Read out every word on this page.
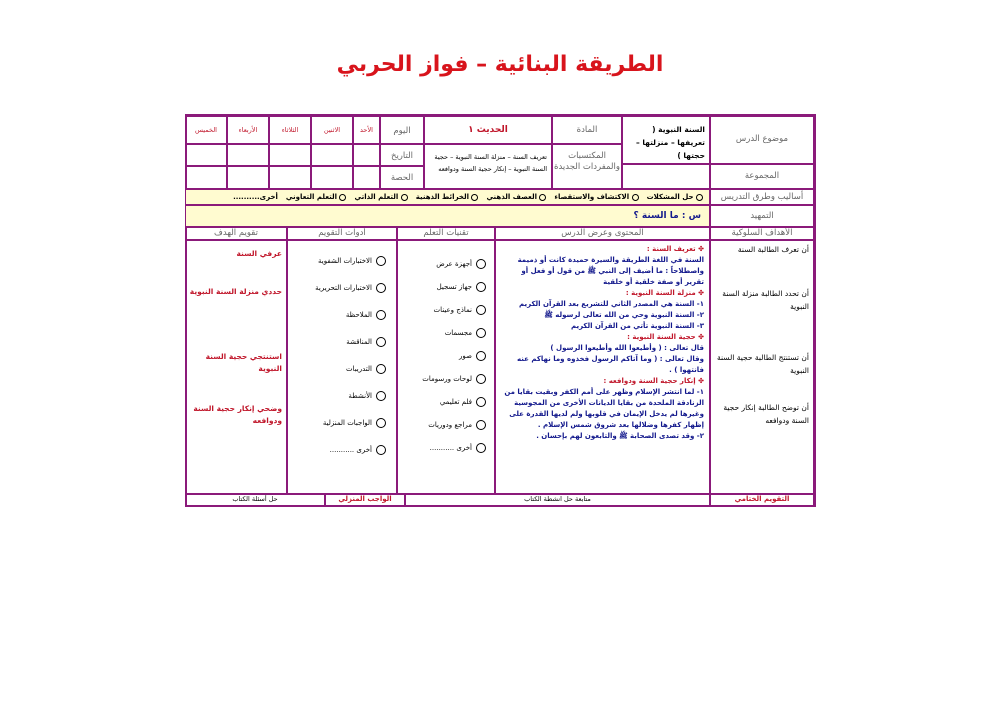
الطريقة البنائية – فواز الحربي
موضوع الدرس
المجموعة
السنة النبوية ( تعريفها – منزلتها – حجتها )
المادة
المكتسبات والمفردات الجديدة
الحديث ١
تعريف السنة – منزلة السنة النبوية – حجية السنة النبوية – إنكار حجية السنة ودوافعه
اليوم
التاريخ
الحصة
الأحد
الاثنين
الثلاثاء
الأربعاء
الخميس
أساليب وطرق التدريس
حل المشكلات
الاكتشاف والاستقصاء
العصف الذهني
الخرائط الذهنية
التعلم الذاتي
التعلم التعاوني
أخرى..........
التمهيد
س : ما السنة ؟
الأهداف السلوكية
المحتوى وعرض الدرس
تقنيات التعلم
أدوات التقويم
تقويم الهدف
أن تعرف الطالبة السنة
أن تحدد الطالبة منزلة السنة النبوية
أن تستنتج الطالبة حجية السنة النبوية
أن توضح الطالبة إنكار حجية السنة ودوافعه
✤ تعريف السنة :
السنة في اللغة الطريقة والسيرة حميدة كانت أو ذميمة واصطلاحاً : ما أضيف إلى النبي ﷺ من قول أو فعل أو تقرير أو صفة خلقية أو خلقية
✤ منزلة السنة النبوية :
١- السنة هي المصدر الثاني للتشريع بعد القرآن الكريم
٢- السنة النبوية وحي من الله تعالى لرسوله ﷺ
٣- السنة النبوية تأتي من القرآن الكريم
✤ حجية السنة النبوية :
قال تعالى : ( وأطيعوا الله وأطيعوا الرسول )
وقال تعالى : ( وما آتاكم الرسول فخذوه وما نهاكم عنه فانتهوا ) .
✤ إنكار حجية السنة ودوافعه :
١- لما انتشر الإسلام وظهر على أمم الكفر وبقيت بقايا من الزنادقة الملحدة من بقايا الديانات الأخرى من المجوسية وغيرها لم يدخل الإيمان في قلوبها ولم لديها القدرة على إظهار كفرها وضلالها بعد شروق شمس الإسلام .
٢- وقد تصدى الصحابة ﷺ والتابعون لهم بإحسان .
أجهزة عرض
جهاز تسجيل
نماذج وعينات
مجسمات
صور
لوحات ورسومات
فلم تعليمي
مراجع ودوريات
أخرى ...........
الاختبارات الشفوية
الاختبارات التحريرية
الملاحظة
المناقشة
التدريبات
الأنشطة
الواجبات المنزلية
أخرى ...........
عرفي السنة
حددي منزلة السنة النبوية
استنتجي حجية السنة النبوية
وضحي إنكار حجية السنة ودوافعه
التقويم الختامي
متابعة حل انشطة الكتاب
الواجب المنزلي
حل أسئلة الكتاب
